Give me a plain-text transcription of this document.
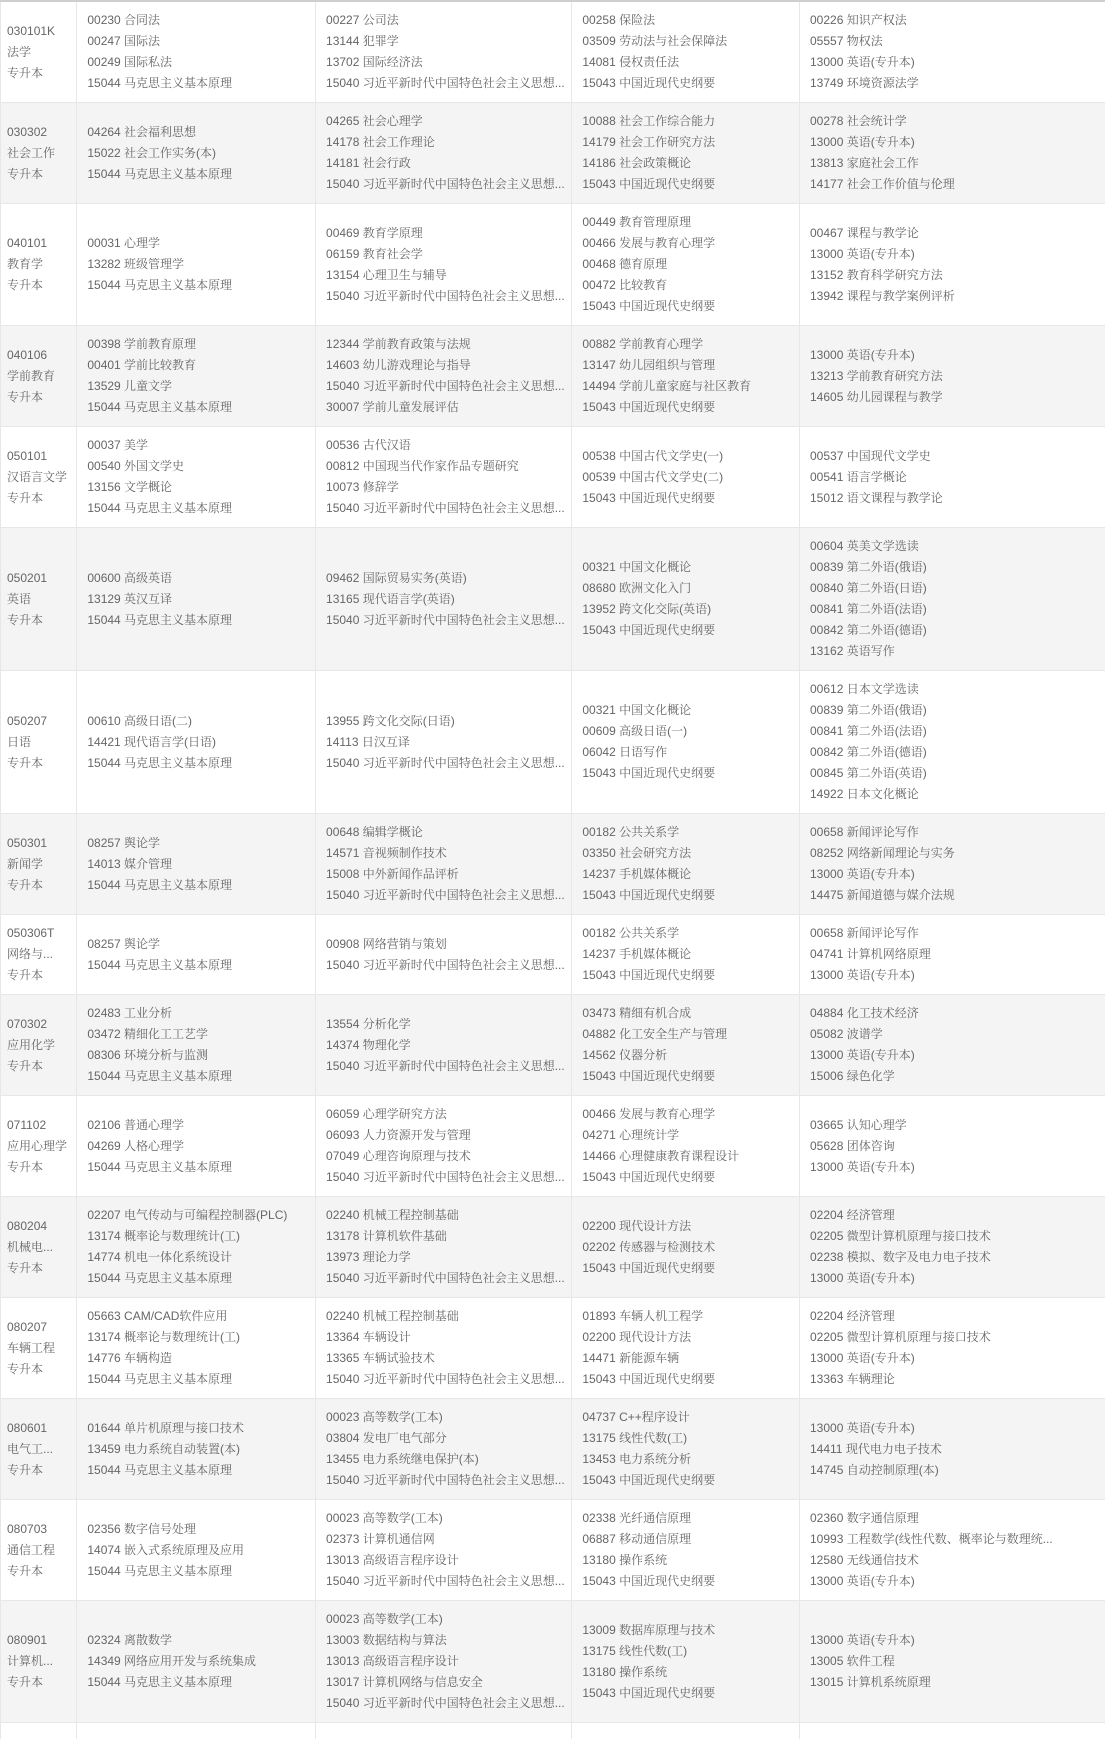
030101K
法学
专升本
00230 合同法
00247 国际法
00249 国际私法
15044 马克思主义基本原理
00227 公司法
13144 犯罪学
13702 国际经济法
15040 习近平新时代中国特色社会主义思想...
00258 保险法
03509 劳动法与社会保障法
14081 侵权责任法
15043 中国近现代史纲要
00226 知识产权法
05557 物权法
13000 英语(专升本)
13749 环境资源法学
030302
社会工作
专升本
04264 社会福利思想
15022 社会工作实务(本)
15044 马克思主义基本原理
04265 社会心理学
14178 社会工作理论
14181 社会行政
15040 习近平新时代中国特色社会主义思想...
10088 社会工作综合能力
14179 社会工作研究方法
14186 社会政策概论
15043 中国近现代史纲要
00278 社会统计学
13000 英语(专升本)
13813 家庭社会工作
14177 社会工作价值与伦理
040101
教育学
专升本
00031 心理学
13282 班级管理学
15044 马克思主义基本原理
00469 教育学原理
06159 教育社会学
13154 心理卫生与辅导
15040 习近平新时代中国特色社会主义思想...
00449 教育管理原理
00466 发展与教育心理学
00468 德育原理
00472 比较教育
15043 中国近现代史纲要
00467 课程与教学论
13000 英语(专升本)
13152 教育科学研究方法
13942 课程与教学案例评析
040106
学前教育
专升本
00398 学前教育原理
00401 学前比较教育
13529 儿童文学
15044 马克思主义基本原理
12344 学前教育政策与法规
14603 幼儿游戏理论与指导
15040 习近平新时代中国特色社会主义思想...
30007 学前儿童发展评估
00882 学前教育心理学
13147 幼儿园组织与管理
14494 学前儿童家庭与社区教育
15043 中国近现代史纲要
13000 英语(专升本)
13213 学前教育研究方法
14605 幼儿园课程与教学
050101
汉语言文学
专升本
00037 美学
00540 外国文学史
13156 文学概论
15044 马克思主义基本原理
00536 古代汉语
00812 中国现当代作家作品专题研究
10073 修辞学
15040 习近平新时代中国特色社会主义思想...
00538 中国古代文学史(一)
00539 中国古代文学史(二)
15043 中国近现代史纲要
00537 中国现代文学史
00541 语言学概论
15012 语文课程与教学论
050201
英语
专升本
00600 高级英语
13129 英汉互译
15044 马克思主义基本原理
09462 国际贸易实务(英语)
13165 现代语言学(英语)
15040 习近平新时代中国特色社会主义思想...
00321 中国文化概论
08680 欧洲文化入门
13952 跨文化交际(英语)
15043 中国近现代史纲要
00604 英美文学选读
00839 第二外语(俄语)
00840 第二外语(日语)
00841 第二外语(法语)
00842 第二外语(德语)
13162 英语写作
050207
日语
专升本
00610 高级日语(二)
14421 现代语言学(日语)
15044 马克思主义基本原理
13955 跨文化交际(日语)
14113 日汉互译
15040 习近平新时代中国特色社会主义思想...
00321 中国文化概论
00609 高级日语(一)
06042 日语写作
15043 中国近现代史纲要
00612 日本文学选读
00839 第二外语(俄语)
00841 第二外语(法语)
00842 第二外语(德语)
00845 第二外语(英语)
14922 日本文化概论
050301
新闻学
专升本
08257 舆论学
14013 媒介管理
15044 马克思主义基本原理
00648 编辑学概论
14571 音视频制作技术
15008 中外新闻作品评析
15040 习近平新时代中国特色社会主义思想...
00182 公共关系学
03350 社会研究方法
14237 手机媒体概论
15043 中国近现代史纲要
00658 新闻评论写作
08252 网络新闻理论与实务
13000 英语(专升本)
14475 新闻道德与媒介法规
050306T
网络与...
专升本
08257 舆论学
15044 马克思主义基本原理
00908 网络营销与策划
15040 习近平新时代中国特色社会主义思想...
00182 公共关系学
14237 手机媒体概论
15043 中国近现代史纲要
00658 新闻评论写作
04741 计算机网络原理
13000 英语(专升本)
070302
应用化学
专升本
02483 工业分析
03472 精细化工工艺学
08306 环境分析与监测
15044 马克思主义基本原理
13554 分析化学
14374 物理化学
15040 习近平新时代中国特色社会主义思想...
03473 精细有机合成
04882 化工安全生产与管理
14562 仪器分析
15043 中国近现代史纲要
04884 化工技术经济
05082 波谱学
13000 英语(专升本)
15006 绿色化学
071102
应用心理学
专升本
02106 普通心理学
04269 人格心理学
15044 马克思主义基本原理
06059 心理学研究方法
06093 人力资源开发与管理
07049 心理咨询原理与技术
15040 习近平新时代中国特色社会主义思想...
00466 发展与教育心理学
04271 心理统计学
14466 心理健康教育课程设计
15043 中国近现代史纲要
03665 认知心理学
05628 团体咨询
13000 英语(专升本)
080204
机械电...
专升本
02207 电气传动与可编程控制器(PLC)
13174 概率论与数理统计(工)
14774 机电一体化系统设计
15044 马克思主义基本原理
02240 机械工程控制基础
13178 计算机软件基础
13973 理论力学
15040 习近平新时代中国特色社会主义思想...
02200 现代设计方法
02202 传感器与检测技术
15043 中国近现代史纲要
02204 经济管理
02205 微型计算机原理与接口技术
02238 模拟、数字及电力电子技术
13000 英语(专升本)
080207
车辆工程
专升本
05663 CAM/CAD软件应用
13174 概率论与数理统计(工)
14776 车辆构造
15044 马克思主义基本原理
02240 机械工程控制基础
13364 车辆设计
13365 车辆试验技术
15040 习近平新时代中国特色社会主义思想...
01893 车辆人机工程学
02200 现代设计方法
14471 新能源车辆
15043 中国近现代史纲要
02204 经济管理
02205 微型计算机原理与接口技术
13000 英语(专升本)
13363 车辆理论
080601
电气工...
专升本
01644 单片机原理与接口技术
13459 电力系统自动装置(本)
15044 马克思主义基本原理
00023 高等数学(工本)
03804 发电厂电气部分
13455 电力系统继电保护(本)
15040 习近平新时代中国特色社会主义思想...
04737 C++程序设计
13175 线性代数(工)
13453 电力系统分析
15043 中国近现代史纲要
13000 英语(专升本)
14411 现代电力电子技术
14745 自动控制原理(本)
080703
通信工程
专升本
02356 数字信号处理
14074 嵌入式系统原理及应用
15044 马克思主义基本原理
00023 高等数学(工本)
02373 计算机通信网
13013 高级语言程序设计
15040 习近平新时代中国特色社会主义思想...
02338 光纤通信原理
06887 移动通信原理
13180 操作系统
15043 中国近现代史纲要
02360 数字通信原理
10993 工程数学(线性代数、概率论与数理统...
12580 无线通信技术
13000 英语(专升本)
080901
计算机...
专升本
02324 离散数学
14349 网络应用开发与系统集成
15044 马克思主义基本原理
00023 高等数学(工本)
13003 数据结构与算法
13013 高级语言程序设计
13017 计算机网络与信息安全
15040 习近平新时代中国特色社会主义思想...
13009 数据库原理与技术
13175 线性代数(工)
13180 操作系统
15043 中国近现代史纲要
13000 英语(专升本)
13005 软件工程
13015 计算机系统原理
